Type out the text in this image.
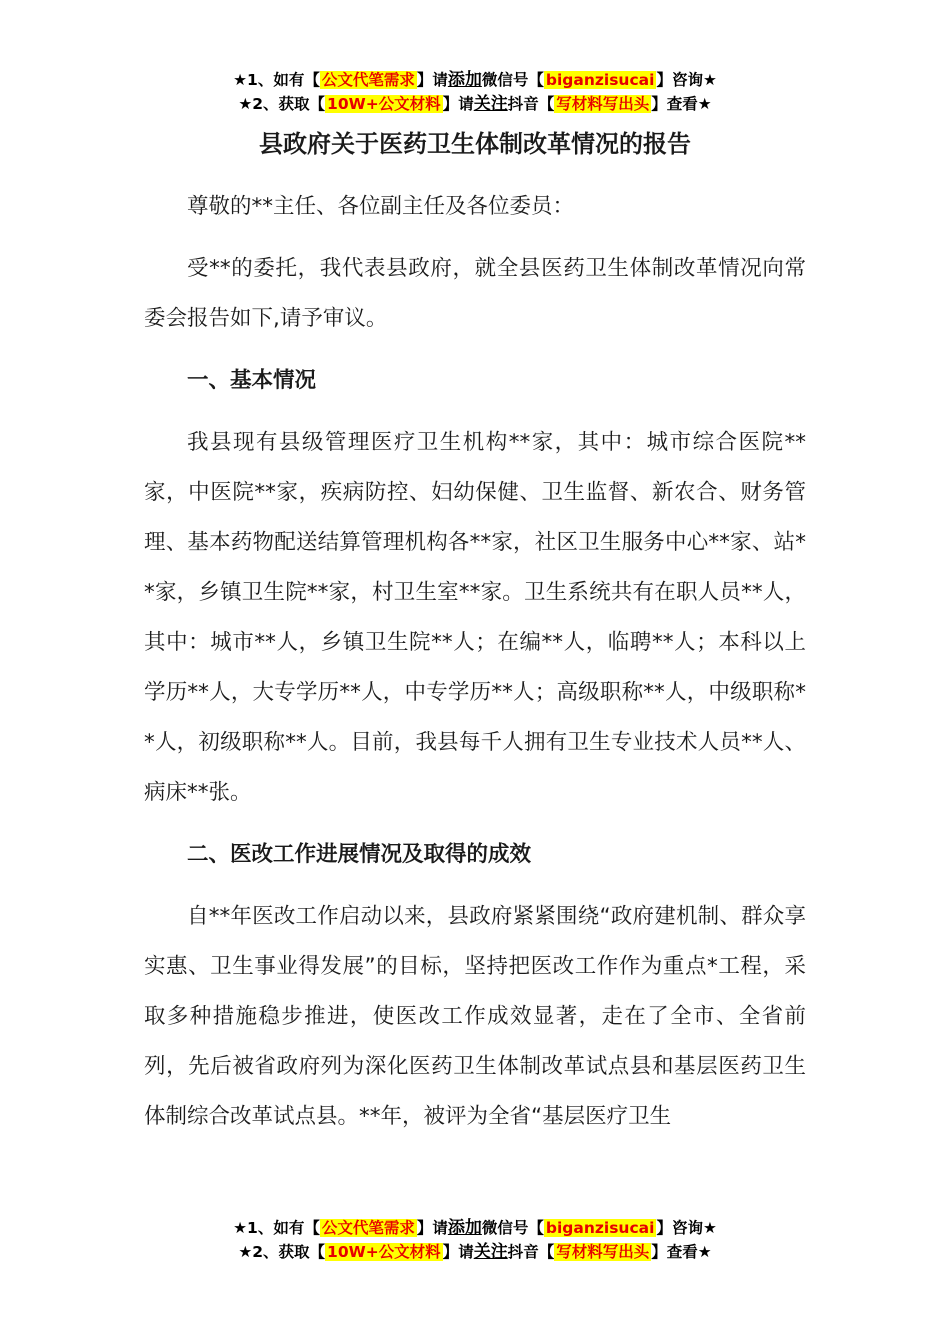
★1、如有【 公文代笔需求 】请添加微信号【 biganzisucai 】咨询★
★2、获取【 10W+公文材料 】请关注抖音【 写材料写出头 】查看★
县政府关于医药卫生体制改革情况的报告

尊敬的**主任、各位副主任及各位委员：

受**的委托，我代表县政府，就全县医药卫生体制改革情况向常委会报告如下,请予审议。

一、基本情况

我县现有县级管理医疗卫生机构**家，其中：城市综合医院**家，中医院**家，疾病防控、妇幼保健、卫生监督、新农合、财务管理、基本药物配送结算管理机构各**家，社区卫生服务中心**家、站**家，乡镇卫生院**家，村卫生室**家。卫生系统共有在职人员**人，其中：城市**人，乡镇卫生院**人；在编**人，临聘**人；本科以上学历**人，大专学历**人，中专学历**人；高级职称**人，中级职称**人，初级职称**人。目前，我县每千人拥有卫生专业技术人员**人、病床**张。

二、医改工作进展情况及取得的成效

自**年医改工作启动以来，县政府紧紧围绕“政府建机制、群众享实惠、卫生事业得发展”的目标，坚持把医改工作作为重点*工程，采取多种措施稳步推进，使医改工作成效显著，走在了全市、全省前列，先后被省政府列为深化医药卫生体制改革试点县和基层医药卫生体制综合改革试点县。**年，被评为全省“基层医疗卫生

★1、如有【 公文代笔需求 】请添加微信号【 biganzisucai 】咨询★
★2、获取【 10W+公文材料 】请关注抖音【 写材料写出头 】查看★
